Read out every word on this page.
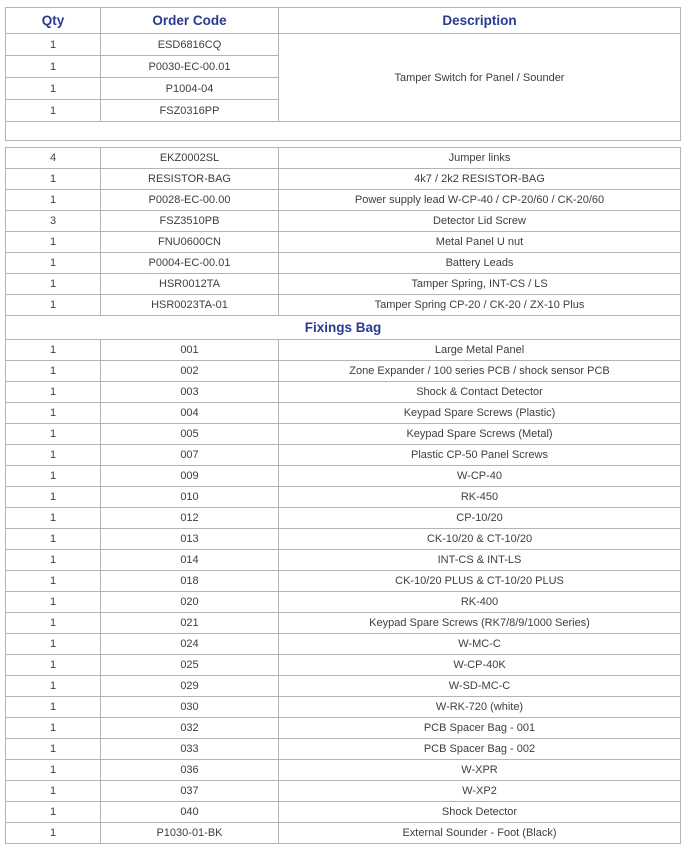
Qty	Order Code	Description
1	ESD6816CQ	Tamper Switch for Panel / Sounder
1	P0030-EC-00.01	
1	P1004-04	
1	FSZ0316PP	

4	EKZ0002SL	Jumper links
1	RESISTOR-BAG	4k7 / 2k2 RESISTOR-BAG
1	P0028-EC-00.00	Power supply lead W-CP-40 / CP-20/60 / CK-20/60
3	FSZ3510PB	Detector Lid Screw
1	FNU0600CN	Metal Panel U nut
1	P0004-EC-00.01	Battery Leads
1	HSR0012TA	Tamper Spring, INT-CS / LS
1	HSR0023TA-01	Tamper Spring CP-20 / CK-20 / ZX-10 Plus
Fixings Bag		
1	001	Large Metal Panel
1	002	Zone Expander / 100 series PCB / shock sensor PCB
1	003	Shock & Contact Detector
1	004	Keypad Spare Screws (Plastic)
1	005	Keypad Spare Screws (Metal)
1	007	Plastic CP-50 Panel Screws
1	009	W-CP-40
1	010	RK-450
1	012	CP-10/20
1	013	CK-10/20 & CT-10/20
1	014	INT-CS & INT-LS
1	018	CK-10/20 PLUS & CT-10/20 PLUS
1	020	RK-400
1	021	Keypad Spare Screws (RK7/8/9/1000 Series)
1	024	W-MC-C
1	025	W-CP-40K
1	029	W-SD-MC-C
1	030	W-RK-720 (white)
1	032	PCB Spacer Bag - 001
1	033	PCB Spacer Bag - 002
1	036	W-XPR
1	037	W-XP2
1	040	Shock Detector
1	P1030-01-BK	External Sounder - Foot (Black)
